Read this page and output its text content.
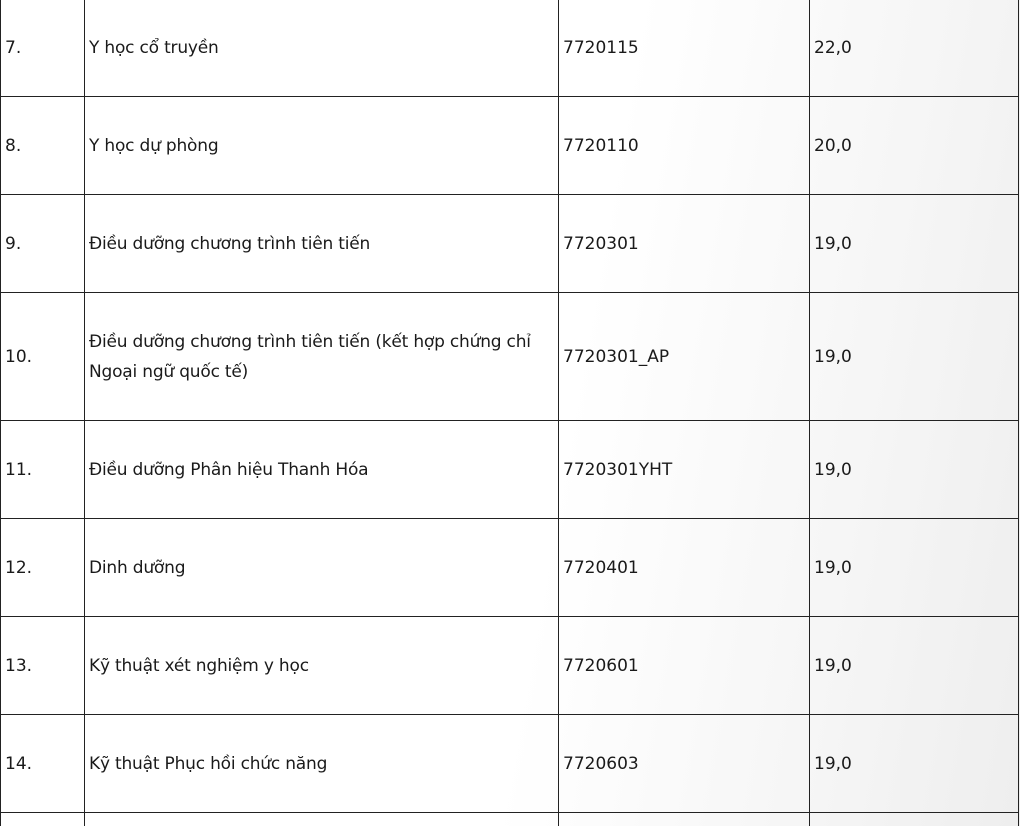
7.	Y học cổ truyền	7720115	22,0
8.	Y học dự phòng	7720110	20,0
9.	Điều dưỡng chương trình tiên tiến	7720301	19,0
10.	Điều dưỡng chương trình tiên tiến (kết hợp chứng chỉ Ngoại ngữ quốc tế)	7720301_AP	19,0
11.	Điều dưỡng Phân hiệu Thanh Hóa	7720301YHT	19,0
12.	Dinh dưỡng	7720401	19,0
13.	Kỹ thuật xét nghiệm y học	7720601	19,0
14.	Kỹ thuật Phục hồi chức năng	7720603	19,0
